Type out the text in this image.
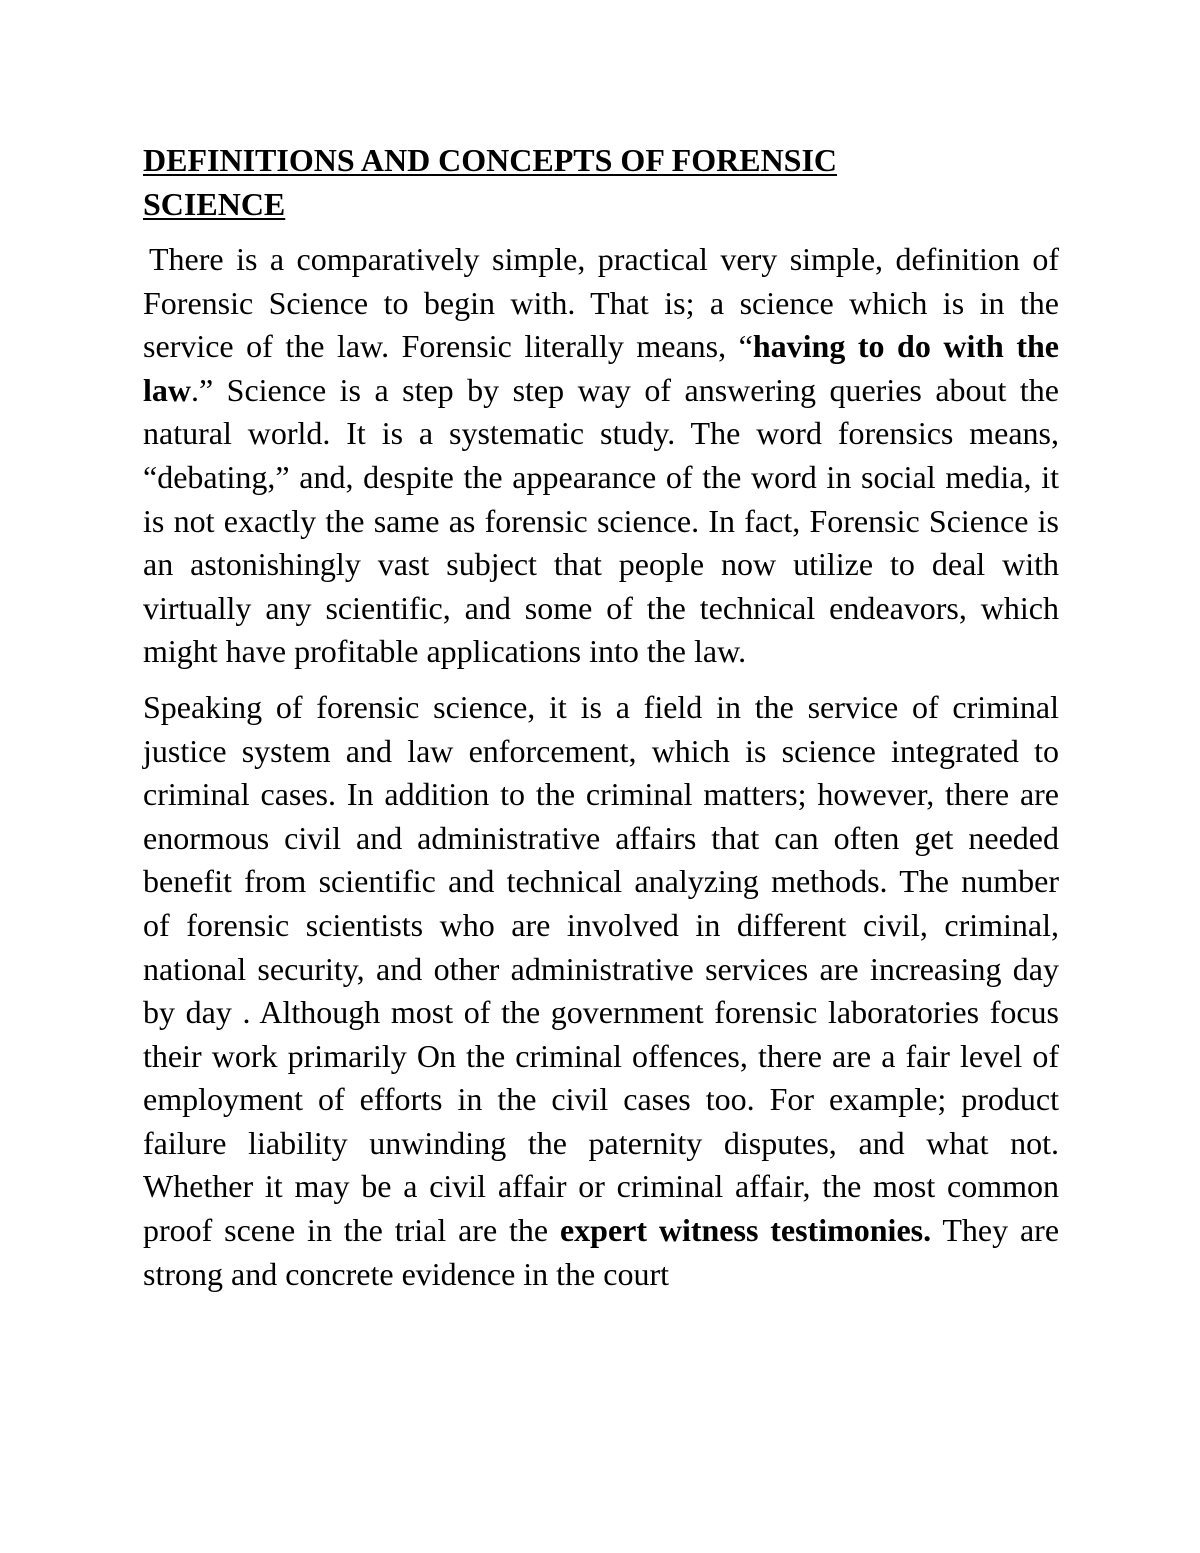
DEFINITIONS AND CONCEPTS OF FORENSIC SCIENCE

There is a comparatively simple, practical very simple, definition of Forensic Science to begin with. That is; a science which is in the service of the law. Forensic literally means, “having to do with the law.” Science is a step by step way of answering queries about the natural world. It is a systematic study. The word forensics means, “debating,” and, despite the appearance of the word in social media, it is not exactly the same as forensic science. In fact, Forensic Science is an astonishingly vast subject that people now utilize to deal with virtually any scientific, and some of the technical endeavors, which might have profitable applications into the law.

Speaking of forensic science, it is a field in the service of criminal justice system and law enforcement, which is science integrated to criminal cases. In addition to the criminal matters; however, there are enormous civil and administrative affairs that can often get needed benefit from scientific and technical analyzing methods. The number of forensic scientists who are involved in different civil, criminal, national security, and other administrative services are increasing day by day . Although most of the government forensic laboratories focus their work primarily On the criminal offences, there are a fair level of employment of efforts in the civil cases too. For example; product failure liability unwinding the paternity disputes, and what not. Whether it may be a civil affair or criminal affair, the most common proof scene in the trial are the expert witness testimonies. They are strong and concrete evidence in the court
